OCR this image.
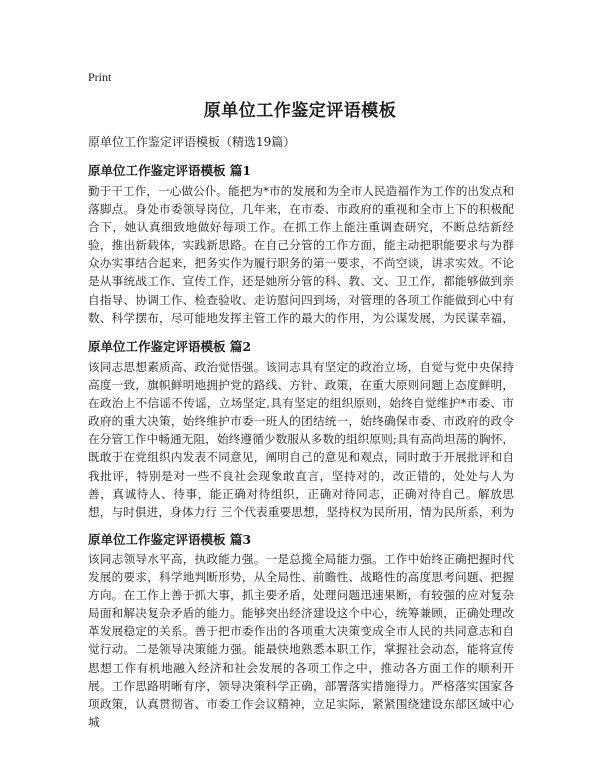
Print
原单位工作鉴定评语模板

原单位工作鉴定评语模板（精选19篇）

原单位工作鉴定评语模板 篇1

勤于干工作，一心做公仆。能把为*市的发展和为全市人民造福作为工作的出发点和落脚点。身处市委领导岗位，几年来，在市委、市政府的重视和全市上下的积极配合下，她认真细致地做好每项工作。在抓工作上能注重调查研究，不断总结新经验，推出新载体，实践新思路。在自己分管的工作方面，能主动把职能要求与为群众办实事结合起来，把务实作为履行职务的第一要求，不尚空谈，讲求实效。不论是从事统战工作、宣传工作，还是她所分管的科、教、文、卫工作，都能够做到亲自指导、协调工作、检查验收、走访慰问四到场，对管理的各项工作能做到心中有数、科学摆布，尽可能地发挥主管工作的最大的作用，为公谋发展，为民谋幸福，

原单位工作鉴定评语模板 篇2

该同志思想素质高、政治觉悟强。该同志具有坚定的政治立场，自觉与党中央保持高度一致，旗帜鲜明地拥护党的路线、方针、政策，在重大原则问题上态度鲜明，在政治上不信谣不传谣，立场坚定,具有坚定的组织原则，始终自觉维护*市委、市政府的重大决策，始终维护市委一班人的团结统一，始终确保市委、市政府的政令在分管工作中畅通无阻，始终遵循少数服从多数的组织原则;具有高尚坦荡的胸怀，既敢于在党组织内发表不同意见，阐明自己的意见和观点，同时敢于开展批评和自我批评，特别是对一些不良社会现象敢直言，坚持对的，改正错的，处处与人为善，真诚待人、待事，能正确对待组织，正确对待同志，正确对待自己。解放思想，与时俱进，身体力行 三个代表重要思想，坚持权为民所用，情为民所系，利为

原单位工作鉴定评语模板 篇3

该同志领导水平高，执政能力强。一是总揽全局能力强。工作中始终正确把握时代发展的要求，科学地判断形势，从全局性、前瞻性、战略性的高度思考问题、把握方向。在工作上善于抓大事，抓主要矛盾，处理问题迅速果断，有较强的应对复杂局面和解决复杂矛盾的能力。能够突出经济建设这个中心，统筹兼顾，正确处理改革发展稳定的关系。善于把市委作出的各项重大决策变成全市人民的共同意志和自觉行动。二是领导决策能力强。能最快地熟悉本职工作，掌握社会动态，能将宣传思想工作有机地融入经济和社会发展的各项工作之中，推动各方面工作的顺利开展。工作思路明晰有序，领导决策科学正确，部署落实措施得力。严格落实国家各项政策，认真贯彻省、市委工作会议精神，立足实际，紧紧围绕建设东部区域中心城
